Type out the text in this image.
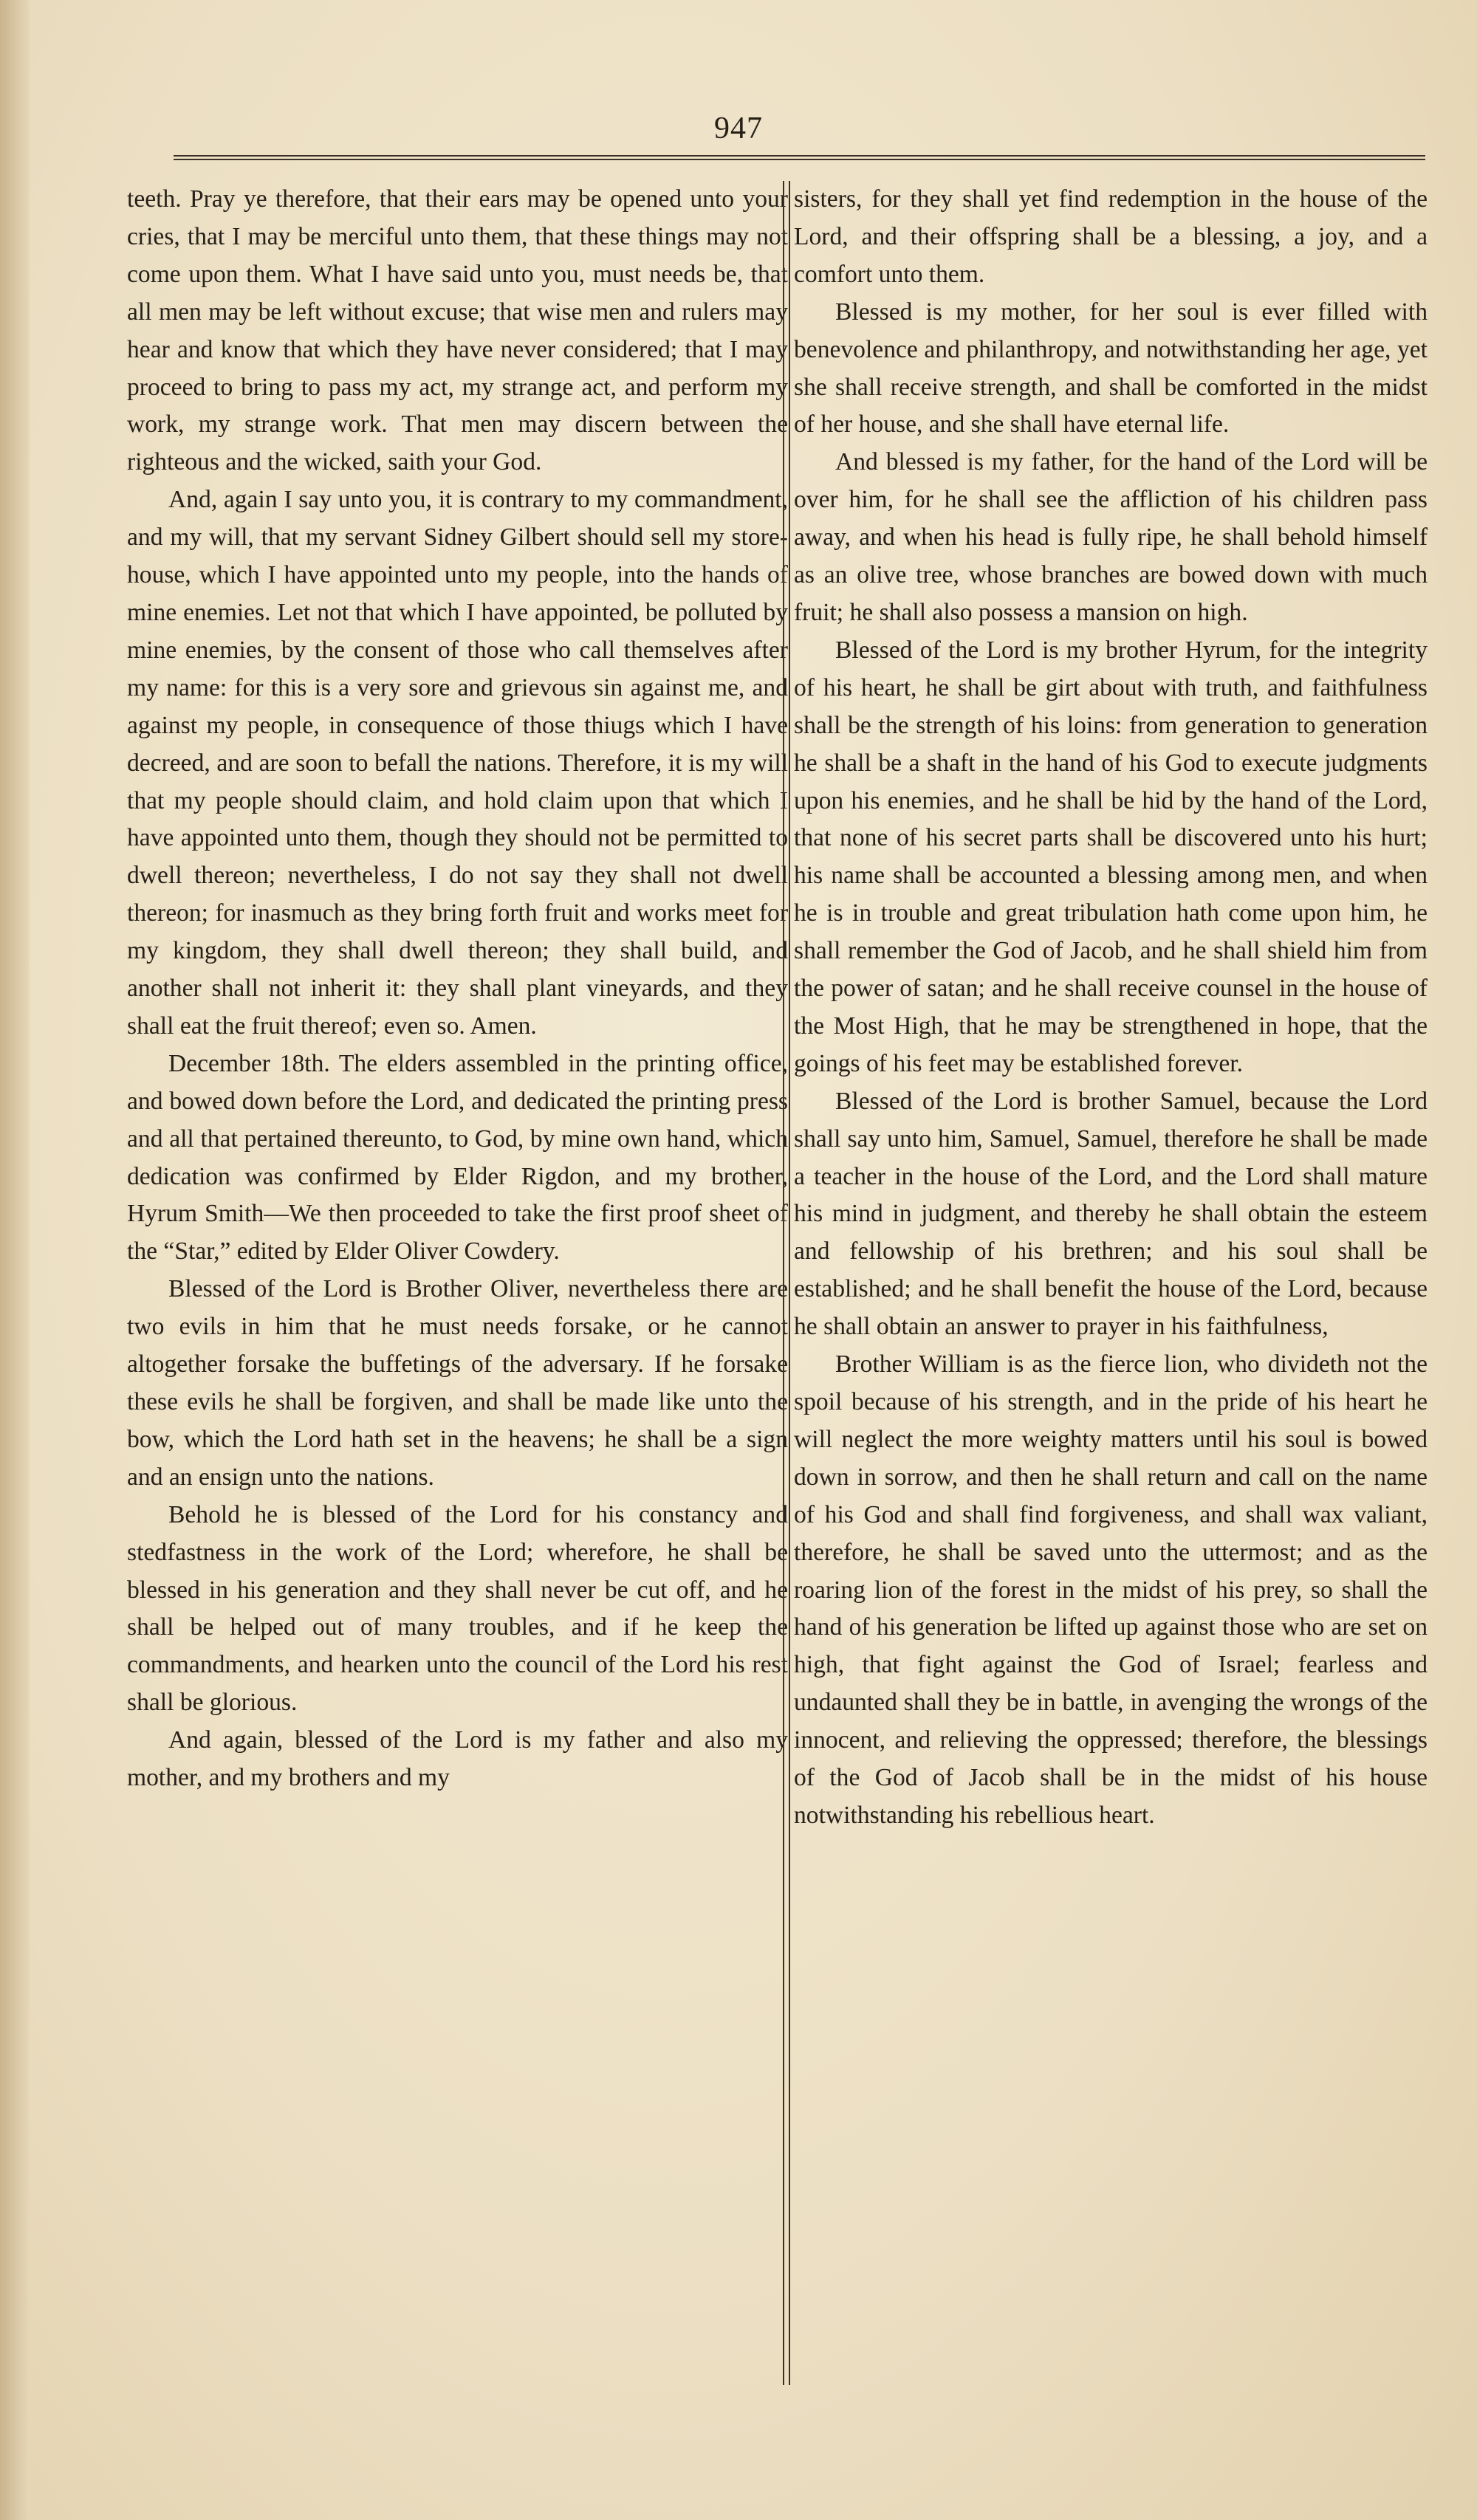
947

teeth. Pray ye therefore, that their ears may be opened unto your cries, that I may be merciful unto them, that these things may not come upon them. What I have said unto you, must needs be, that all men may be left without excuse; that wise men and rulers may hear and know that which they have never considered; that I may proceed to bring to pass my act, my strange act, and perform my work, my strange work. That men may discern between the righteous and the wicked, saith your God.

And, again I say unto you, it is contrary to my commandment, and my will, that my servant Sidney Gilbert should sell my store-house, which I have appointed unto my people, into the hands of mine enemies. Let not that which I have appointed, be polluted by mine enemies, by the consent of those who call themselves after my name: for this is a very sore and grievous sin against me, and against my people, in consequence of those thiugs which I have decreed, and are soon to befall the nations. Therefore, it is my will that my people should claim, and hold claim upon that which I have appointed unto them, though they should not be permitted to dwell thereon; nevertheless, I do not say they shall not dwell thereon; for inasmuch as they bring forth fruit and works meet for my kingdom, they shall dwell thereon; they shall build, and another shall not inherit it: they shall plant vineyards, and they shall eat the fruit thereof; even so. Amen.

December 18th. The elders assembled in the printing office, and bowed down before the Lord, and dedicated the printing press and all that pertained thereunto, to God, by mine own hand, which dedication was confirmed by Elder Rigdon, and my brother, Hyrum Smith—We then proceeded to take the first proof sheet of the “Star,” edited by Elder Oliver Cowdery.

Blessed of the Lord is Brother Oliver, nevertheless there are two evils in him that he must needs forsake, or he cannot altogether forsake the buffetings of the adversary. If he forsake these evils he shall be forgiven, and shall be made like unto the bow, which the Lord hath set in the heavens; he shall be a sign and an ensign unto the nations.

Behold he is blessed of the Lord for his constancy and stedfastness in the work of the Lord; wherefore, he shall be blessed in his generation and they shall never be cut off, and he shall be helped out of many troubles, and if he keep the commandments, and hearken unto the council of the Lord his rest shall be glorious.

And again, blessed of the Lord is my father and also my mother, and my brothers and my

sisters, for they shall yet find redemption in the house of the Lord, and their offspring shall be a blessing, a joy, and a comfort unto them.

Blessed is my mother, for her soul is ever filled with benevolence and philanthropy, and notwithstanding her age, yet she shall receive strength, and shall be comforted in the midst of her house, and she shall have eternal life.

And blessed is my father, for the hand of the Lord will be over him, for he shall see the affliction of his children pass away, and when his head is fully ripe, he shall behold himself as an olive tree, whose branches are bowed down with much fruit; he shall also possess a mansion on high.

Blessed of the Lord is my brother Hyrum, for the integrity of his heart, he shall be girt about with truth, and faithfulness shall be the strength of his loins: from generation to generation he shall be a shaft in the hand of his God to execute judgments upon his enemies, and he shall be hid by the hand of the Lord, that none of his secret parts shall be discovered unto his hurt; his name shall be accounted a blessing among men, and when he is in trouble and great tribulation hath come upon him, he shall remember the God of Jacob, and he shall shield him from the power of satan; and he shall receive counsel in the house of the Most High, that he may be strengthened in hope, that the goings of his feet may be established forever.

Blessed of the Lord is brother Samuel, because the Lord shall say unto him, Samuel, Samuel, therefore he shall be made a teacher in the house of the Lord, and the Lord shall mature his mind in judgment, and thereby he shall obtain the esteem and fellowship of his brethren; and his soul shall be established; and he shall benefit the house of the Lord, because he shall obtain an answer to prayer in his faithfulness,

Brother William is as the fierce lion, who divideth not the spoil because of his strength, and in the pride of his heart he will neglect the more weighty matters until his soul is bowed down in sorrow, and then he shall return and call on the name of his God and shall find forgiveness, and shall wax valiant, therefore, he shall be saved unto the uttermost; and as the roaring lion of the forest in the midst of his prey, so shall the hand of his generation be lifted up against those who are set on high, that fight against the God of Israel; fearless and undaunted shall they be in battle, in avenging the wrongs of the innocent, and relieving the oppressed; therefore, the blessings of the God of Jacob shall be in the midst of his house notwithstanding his rebellious heart.
